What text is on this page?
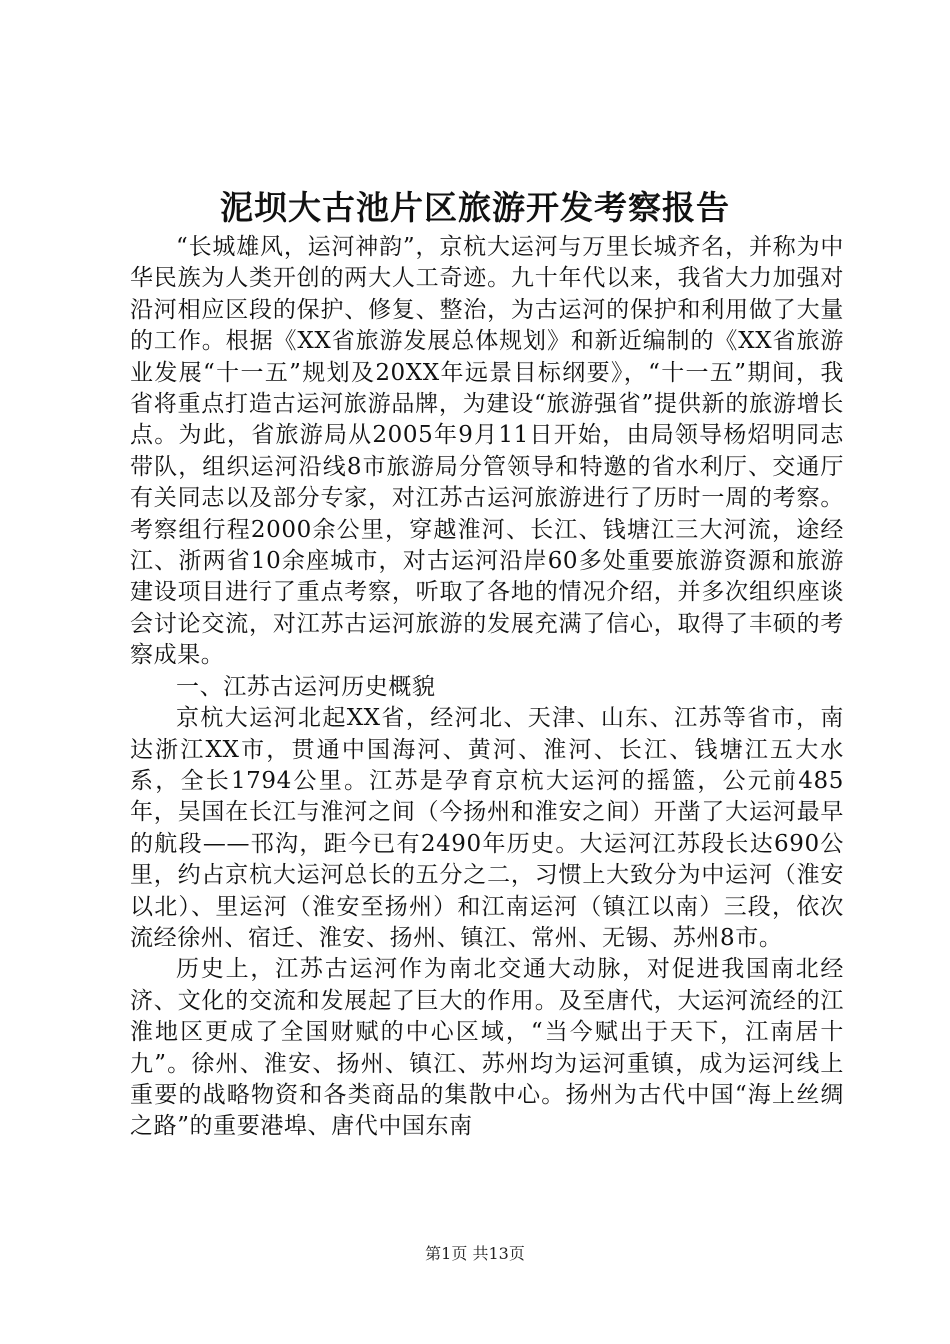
泥坝大古池片区旅游开发考察报告

“长城雄风，运河神韵”，京杭大运河与万里长城齐名，并称为中华民族为人类开创的两大人工奇迹。九十年代以来，我省大力加强对沿河相应区段的保护、修复、整治，为古运河的保护和利用做了大量的工作。根据《XX省旅游发展总体规划》和新近编制的《XX省旅游业发展“十一五”规划及20XX年远景目标纲要》，“十一五”期间，我省将重点打造古运河旅游品牌，为建设“旅游强省”提供新的旅游增长点。为此，省旅游局从2005年9月11日开始，由局领导杨炤明同志带队，组织运河沿线8市旅游局分管领导和特邀的省水利厅、交通厅有关同志以及部分专家，对江苏古运河旅游进行了历时一周的考察。考察组行程2000余公里，穿越淮河、长江、钱塘江三大河流，途经江、浙两省10余座城市，对古运河沿岸60多处重要旅游资源和旅游建设项目进行了重点考察，听取了各地的情况介绍，并多次组织座谈会讨论交流，对江苏古运河旅游的发展充满了信心，取得了丰硕的考察成果。

一、江苏古运河历史概貌

京杭大运河北起XX省，经河北、天津、山东、江苏等省市，南达浙江XX市，贯通中国海河、黄河、淮河、长江、钱塘江五大水系，全长1794公里。江苏是孕育京杭大运河的摇篮，公元前485年，吴国在长江与淮河之间（今扬州和淮安之间）开凿了大运河最早的航段——邗沟，距今已有2490年历史。大运河江苏段长达690公里，约占京杭大运河总长的五分之二，习惯上大致分为中运河（淮安以北）、里运河（淮安至扬州）和江南运河（镇江以南）三段，依次流经徐州、宿迁、淮安、扬州、镇江、常州、无锡、苏州8市。

历史上，江苏古运河作为南北交通大动脉，对促进我国南北经济、文化的交流和发展起了巨大的作用。及至唐代，大运河流经的江淮地区更成了全国财赋的中心区域，“当今赋出于天下，江南居十九”。徐州、淮安、扬州、镇江、苏州均为运河重镇，成为运河线上重要的战略物资和各类商品的集散中心。扬州为古代中国“海上丝绸之路”的重要港埠、唐代中国东南

第1页 共13页
